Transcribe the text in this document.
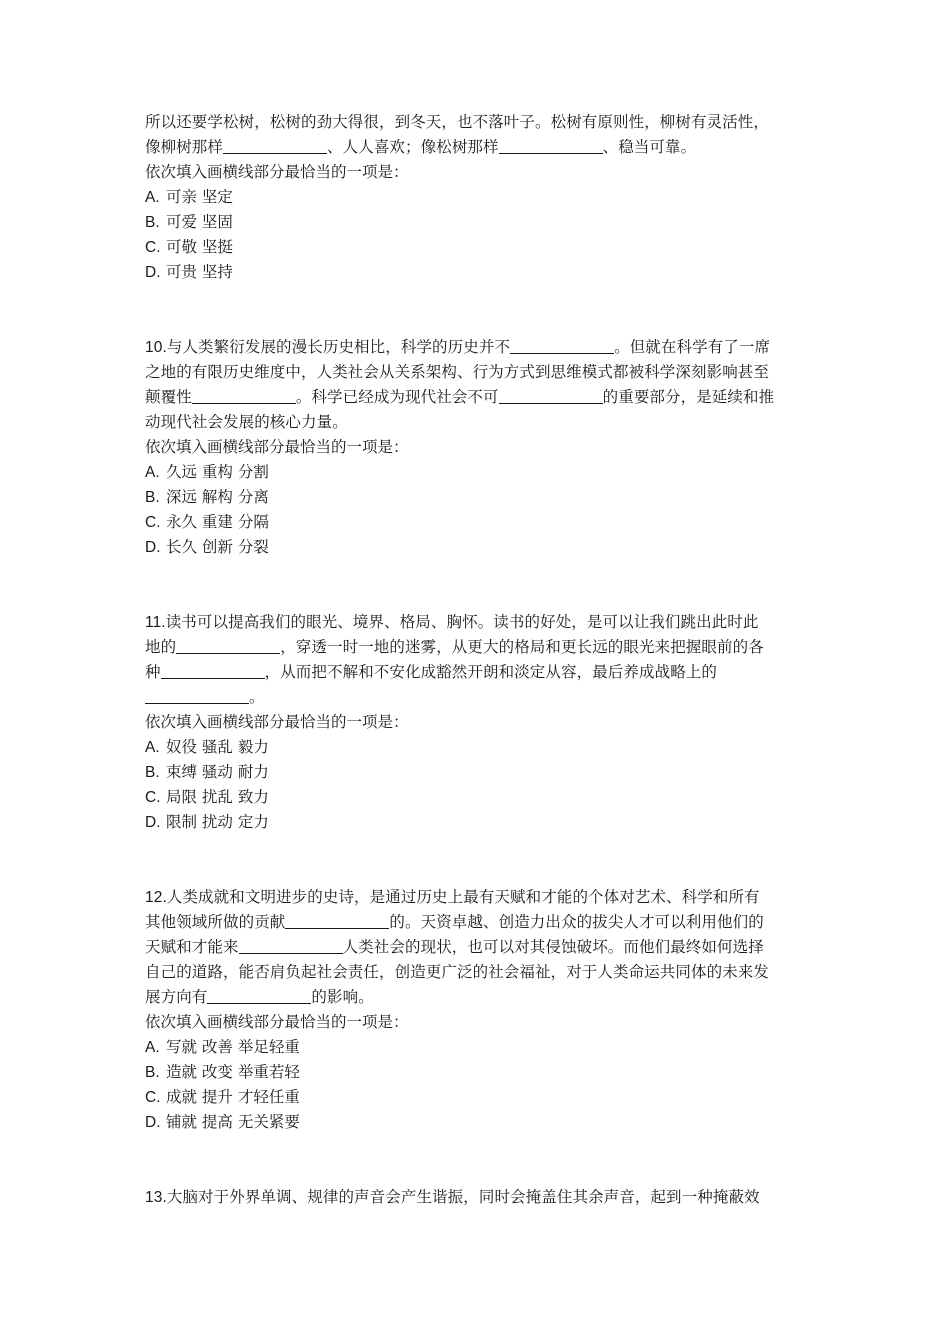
所以还要学松树，松树的劲大得很，到冬天，也不落叶子。松树有原则性，柳树有灵活性，
像柳树那样	、人人喜欢；像松树那样	、稳当可靠。

依次填入画横线部分最恰当的一项是：

A. 可亲 坚定
B. 可爱 坚固
C. 可敬 坚挺
D. 可贵 坚持

10.与人类繁衍发展的漫长历史相比，科学的历史并不	。但就在科学有了一席
之地的有限历史维度中，人类社会从关系架构、行为方式到思维模式都被科学深刻影响甚至
颠覆性	。科学已经成为现代社会不可	的重要部分，是延续和推
动现代社会发展的核心力量。

依次填入画横线部分最恰当的一项是：

A. 久远 重构 分割
B. 深远 解构 分离
C. 永久 重建 分隔
D. 长久 创新 分裂

11.读书可以提高我们的眼光、境界、格局、胸怀。读书的好处，是可以让我们跳出此时此
地的	，穿透一时一地的迷雾，从更大的格局和更长远的眼光来把握眼前的各
种	，从而把不解和不安化成豁然开朗和淡定从容，最后养成战略上的
。

依次填入画横线部分最恰当的一项是：

A. 奴役 骚乱 毅力
B. 束缚 骚动 耐力
C. 局限 扰乱 致力
D. 限制 扰动 定力

12.人类成就和文明进步的史诗，是通过历史上最有天赋和才能的个体对艺术、科学和所有
其他领域所做的贡献	的。天资卓越、创造力出众的拔尖人才可以利用他们的
天赋和才能来	人类社会的现状，也可以对其侵蚀破坏。而他们最终如何选择
自己的道路，能否肩负起社会责任，创造更广泛的社会福祉，对于人类命运共同体的未来发
展方向有	的影响。

依次填入画横线部分最恰当的一项是：

A. 写就 改善 举足轻重
B. 造就 改变 举重若轻
C. 成就 提升 才轻任重
D. 铺就 提高 无关紧要

13.大脑对于外界单调、规律的声音会产生谐振，同时会掩盖住其余声音，起到一种掩蔽效
